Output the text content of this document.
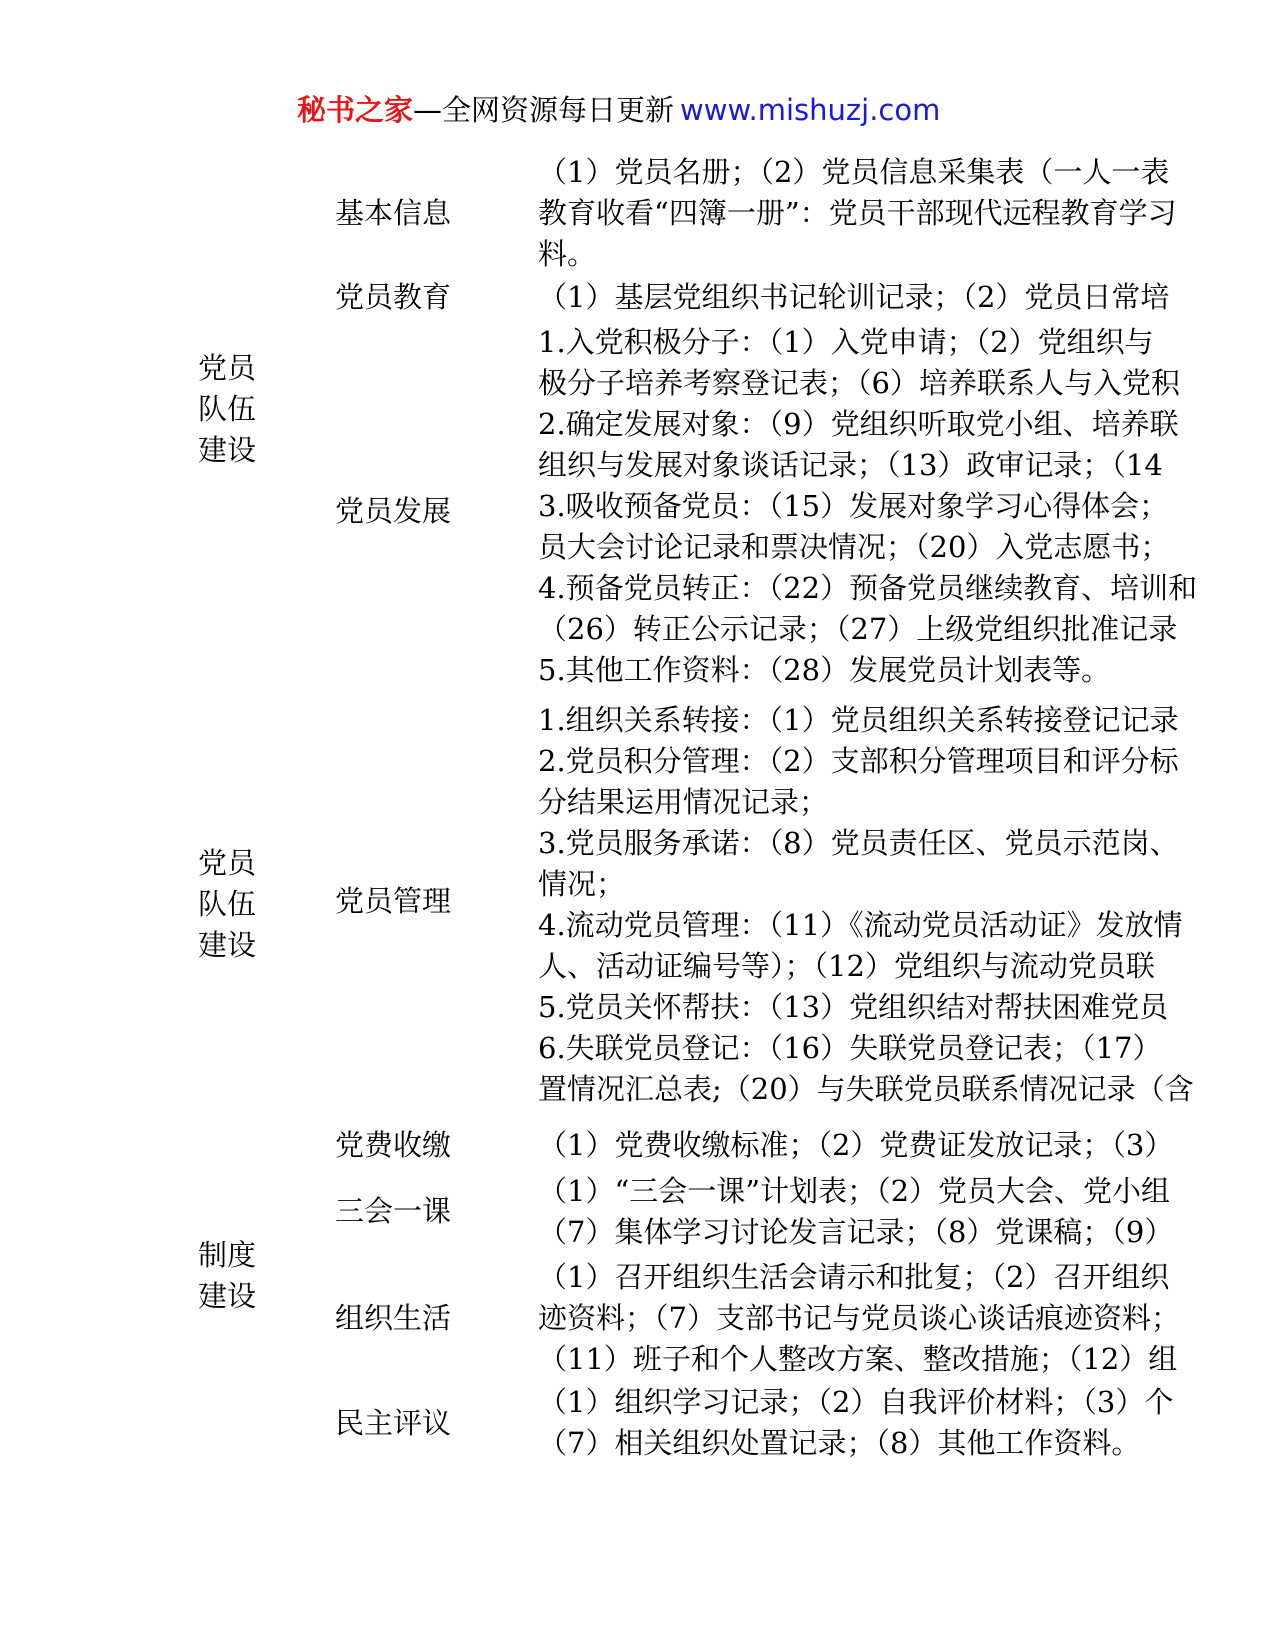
秘书之家—全网资源每日更新 www.mishuzj.com
党员
队伍
建设
党员
队伍
建设
制度
建设
基本信息
党员教育
党员发展
党员管理
党费收缴
三会一课
组织生活
民主评议
（1）党员名册；（2）党员信息采集表（一人一表
教育收看“四簿一册”：党员干部现代远程教育学习
料。
（1）基层党组织书记轮训记录；（2）党员日常培
1.入党积极分子：（1）入党申请；（2）党组织与
极分子培养考察登记表；（6）培养联系人与入党积
2.确定发展对象：（9）党组织听取党小组、培养联
组织与发展对象谈话记录；（13）政审记录；（14
3.吸收预备党员：（15）发展对象学习心得体会；
员大会讨论记录和票决情况；（20）入党志愿书；
4.预备党员转正：（22）预备党员继续教育、培训和
（26）转正公示记录；（27）上级党组织批准记录
5.其他工作资料：（28）发展党员计划表等。
1.组织关系转接：（1）党员组织关系转接登记记录
2.党员积分管理：（2）支部积分管理项目和评分标
分结果运用情况记录；
3.党员服务承诺：（8）党员责任区、党员示范岗、
情况；
4.流动党员管理：（11）《流动党员活动证》发放情
人、活动证编号等）；（12）党组织与流动党员联
5.党员关怀帮扶：（13）党组织结对帮扶困难党员
6.失联党员登记：（16）失联党员登记表；（17）
置情况汇总表;（20）与失联党员联系情况记录（含
（1）党费收缴标准；（2）党费证发放记录；（3）
（1）“三会一课”计划表；（2）党员大会、党小组
（7）集体学习讨论发言记录；（8）党课稿；（9）
（1）召开组织生活会请示和批复；（2）召开组织
迹资料；（7）支部书记与党员谈心谈话痕迹资料；
（11）班子和个人整改方案、整改措施；（12）组
（1）组织学习记录；（2）自我评价材料；（3）个
（7）相关组织处置记录；（8）其他工作资料。
